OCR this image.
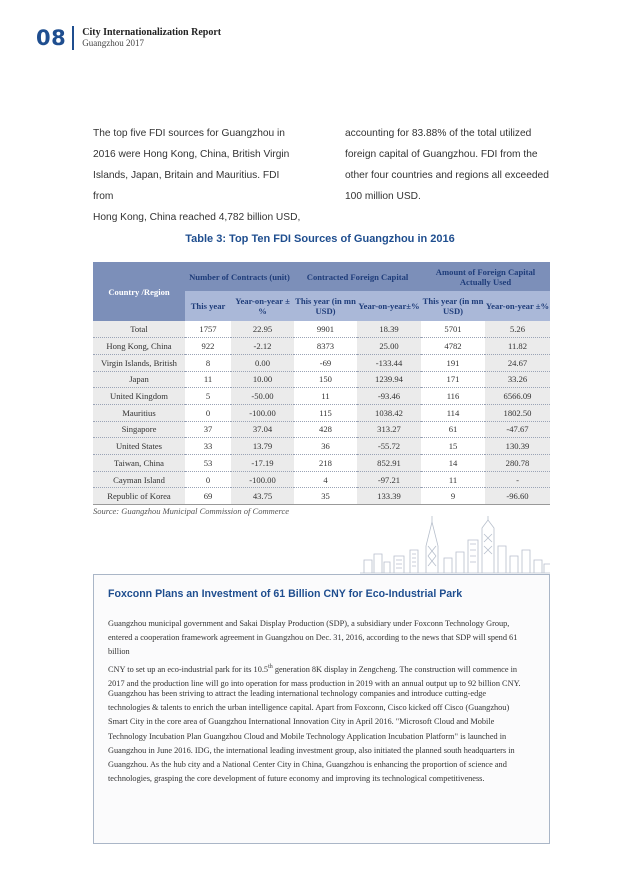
08 City Internationalization Report
Guangzhou 2017
The top five FDI sources for Guangzhou in
2016 were Hong Kong, China, British Virgin
Islands, Japan, Britain and Mauritius. FDI from
Hong Kong, China reached 4,782 billion USD,
accounting for 83.88% of the total utilized
foreign capital of Guangzhou. FDI from the
other four countries and regions all exceeded
100 million USD.
Table 3: Top Ten FDI Sources of Guangzhou in 2016
Country /Region	Number of Contracts (unit)		Contracted Foreign Capital		Amount of Foreign Capital Actually Used	
	This year	Year-on-year ±%	This year (in mn USD)	Year-on-year±%	This year (in mn USD)	Year-on-year ±%
Total	1757	22.95	9901	18.39	5701	5.26
Hong Kong, China	922	-2.12	8373	25.00	4782	11.82
Virgin Islands, British	8	0.00	-69	-133.44	191	24.67
Japan	11	10.00	150	1239.94	171	33.26
United Kingdom	5	-50.00	11	-93.46	116	6566.09
Mauritius	0	-100.00	115	1038.42	114	1802.50
Singapore	37	37.04	428	313.27	61	-47.67
United States	33	13.79	36	-55.72	15	130.39
Taiwan, China	53	-17.19	218	852.91	14	280.78
Cayman Island	0	-100.00	4	-97.21	11	-
Republic of Korea	69	43.75	35	133.39	9	-96.60
Source: Guangzhou Municipal Commission of Commerce
Foxconn Plans an Investment of 61 Billion CNY for Eco-Industrial Park
Guangzhou municipal government and Sakai Display Production (SDP), a subsidiary under Foxconn Technology Group,
entered a cooperation framework agreement in Guangzhou on Dec. 31, 2016, according to the news that SDP will spend 61 billion
CNY to set up an eco-industrial park for its 10.5th generation 8K display in Zengcheng. The construction will commence in
2017 and the production line will go into operation for mass production in 2019 with an annual output up to 92 billion CNY.
Guangzhou has been striving to attract the leading international technology companies and introduce cutting-edge
technologies & talents to enrich the urban intelligence capital. Apart from Foxconn, Cisco kicked off Cisco (Guangzhou)
Smart City in the core area of Guangzhou International Innovation City in April 2016. "Microsoft Cloud and Mobile
Technology Incubation Plan Guangzhou Cloud and Mobile Technology Application Incubation Platform" is launched in
Guangzhou in June 2016. IDG, the international leading investment group, also initiated the planned south headquarters in
Guangzhou. As the hub city and a National Center City in China, Guangzhou is enhancing the proportion of science and
technologies, grasping the core development of future economy and improving its technological competitiveness.
